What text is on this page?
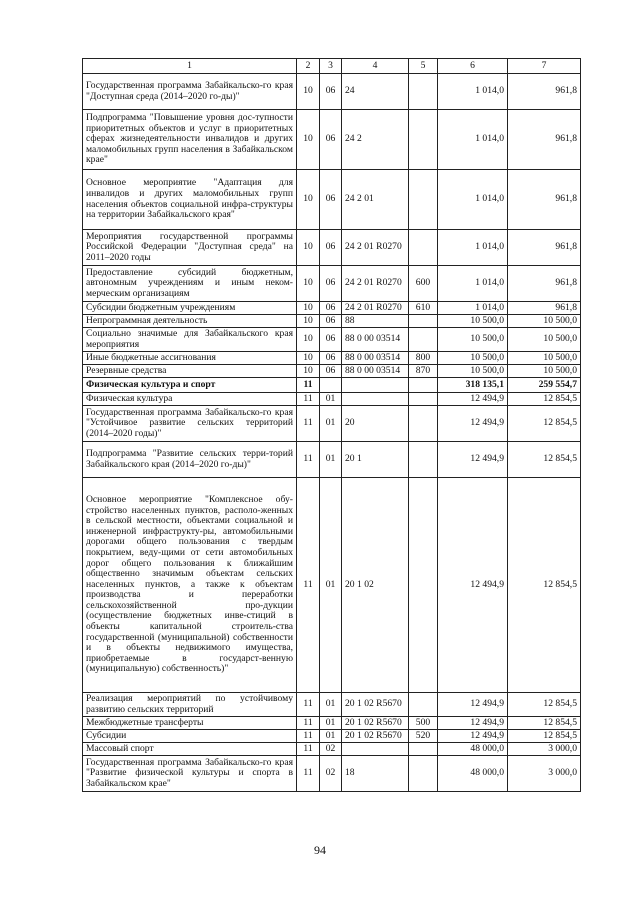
1	2	3	4	5	6	7
Государственная программа Забайкальско-го края "Доступная среда (2014–2020 го-ды)"	10	06	24		1 014,0	961,8
Подпрограмма "Повышение уровня дос-тупности приоритетных объектов и услуг в приоритетных сферах жизнедеятельности инвалидов и других маломобильных групп населения в Забайкальском крае"	10	06	24 2		1 014,0	961,8
Основное мероприятие "Адаптация для инвалидов и других маломобильных групп населения объектов социальной инфра-структуры на территории Забайкальского края"	10	06	24 2 01		1 014,0	961,8
Мероприятия государственной программы Российской Федерации "Доступная среда" на 2011–2020 годы	10	06	24 2 01 R0270		1 014,0	961,8
Предоставление субсидий бюджетным, автономным учреждениям и иным неком-мерческим организациям	10	06	24 2 01 R0270	600	1 014,0	961,8
Субсидии бюджетным учреждениям	10	06	24 2 01 R0270	610	1 014,0	961,8
Непрограммная деятельность	10	06	88		10 500,0	10 500,0
Социально значимые для Забайкальского края мероприятия	10	06	88 0 00 03514		10 500,0	10 500,0
Иные бюджетные ассигнования	10	06	88 0 00 03514	800	10 500,0	10 500,0
Резервные средства	10	06	88 0 00 03514	870	10 500,0	10 500,0
Физическая культура и спорт	11				318 135,1	259 554,7
Физическая культура	11	01			12 494,9	12 854,5
Государственная программа Забайкальско-го края "Устойчивое развитие сельских территорий (2014–2020 годы)"	11	01	20		12 494,9	12 854,5
Подпрограмма "Развитие сельских терри-торий Забайкальского края (2014–2020 го-ды)"	11	01	20 1		12 494,9	12 854,5
Основное мероприятие "Комплексное обу-стройство населенных пунктов, располо-женных в сельской местности, объектами социальной и инженерной инфраструкту-ры, автомобильными дорогами общего пользования с твердым покрытием, веду-щими от сети автомобильных дорог общего пользования к ближайшим общественно значимым объектам сельских населенных пунктов, а также к объектам производства и переработки сельскохозяйственной про-дукции (осуществление бюджетных инве-стиций в объекты капитальной строитель-ства государственной (муниципальной) собственности и в объекты недвижимого имущества, приобретаемые в государст-венную (муниципальную) собственность)"	11	01	20 1 02		12 494,9	12 854,5
Реализация мероприятий по устойчивому развитию сельских территорий	11	01	20 1 02 R5670		12 494,9	12 854,5
Межбюджетные трансферты	11	01	20 1 02 R5670	500	12 494,9	12 854,5
Субсидии	11	01	20 1 02 R5670	520	12 494,9	12 854,5
Массовый спорт	11	02			48 000,0	3 000,0
Государственная программа Забайкальско-го края "Развитие физической культуры и спорта в Забайкальском крае"	11	02	18		48 000,0	3 000,0
94
